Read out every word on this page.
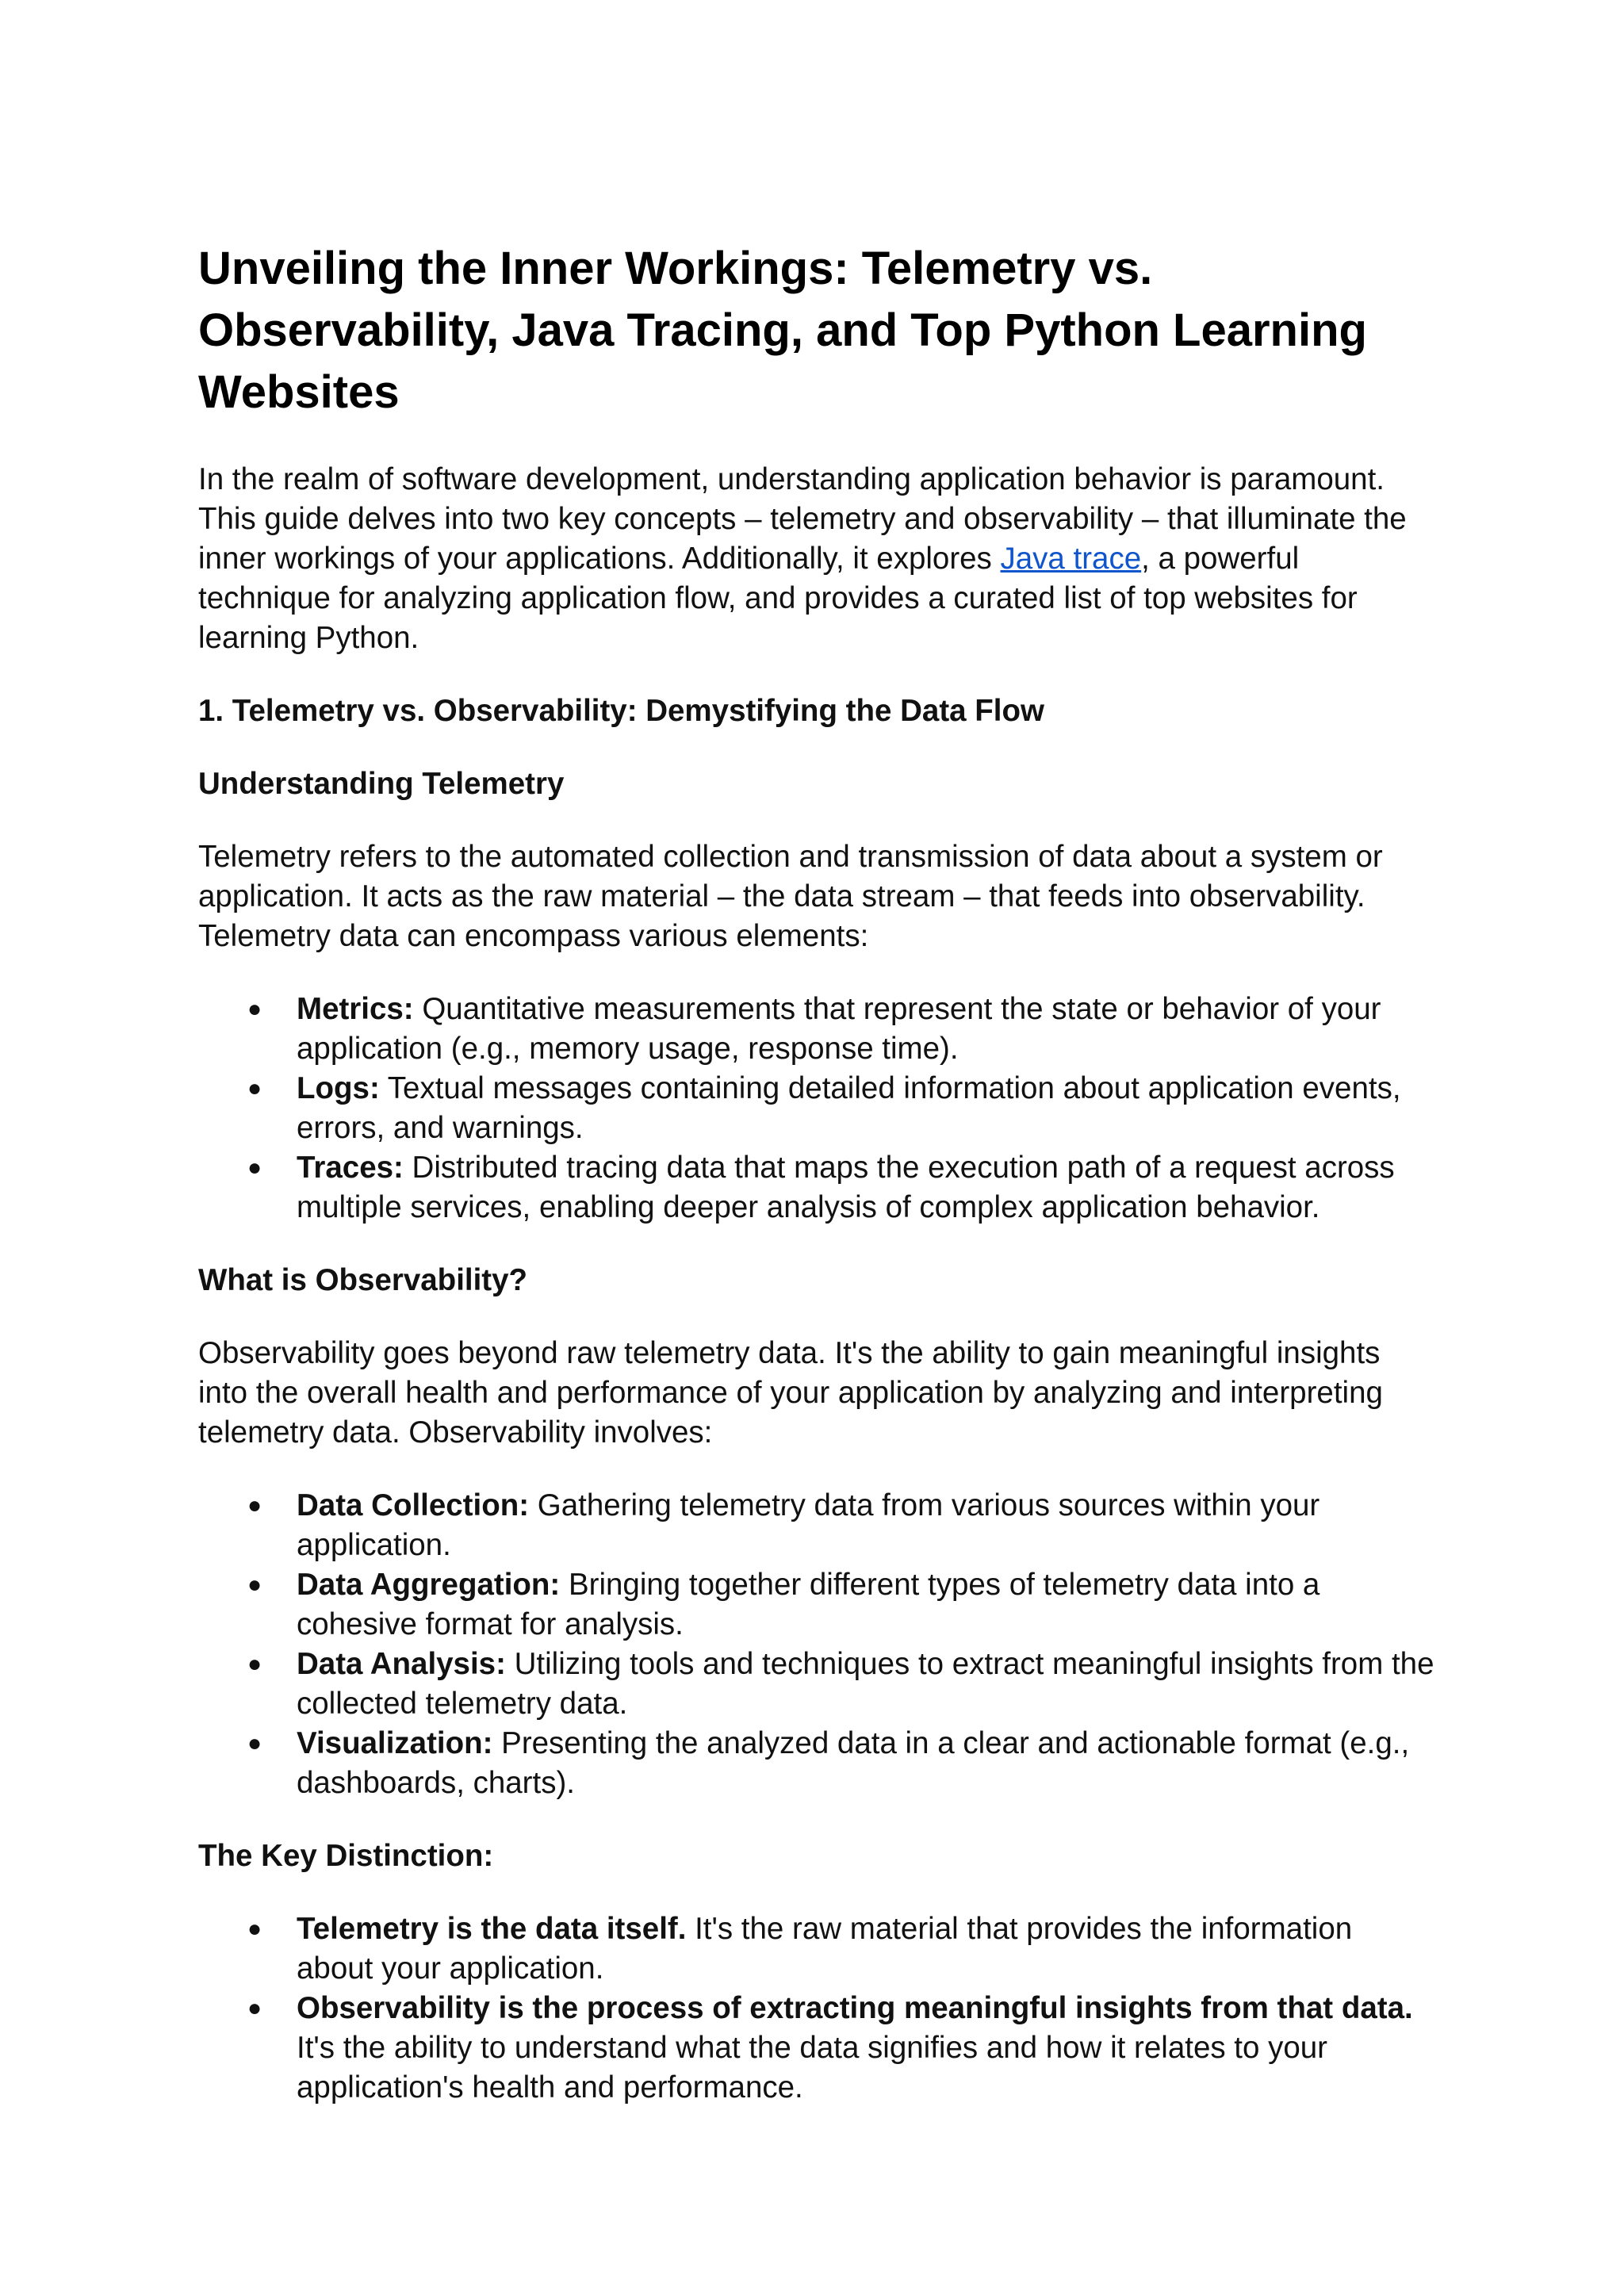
Unveiling the Inner Workings: Telemetry vs. Observability, Java Tracing, and Top Python Learning Websites

In the realm of software development, understanding application behavior is paramount. This guide delves into two key concepts – telemetry and observability – that illuminate the inner workings of your applications. Additionally, it explores Java trace, a powerful technique for analyzing application flow, and provides a curated list of top websites for learning Python.

1. Telemetry vs. Observability: Demystifying the Data Flow
Understanding Telemetry

Telemetry refers to the automated collection and transmission of data about a system or application. It acts as the raw material – the data stream – that feeds into observability. Telemetry data can encompass various elements:

●	Metrics: Quantitative measurements that represent the state or behavior of your application (e.g., memory usage, response time).
●	Logs: Textual messages containing detailed information about application events, errors, and warnings.
●	Traces: Distributed tracing data that maps the execution path of a request across multiple services, enabling deeper analysis of complex application behavior.
What is Observability?

Observability goes beyond raw telemetry data. It's the ability to gain meaningful insights into the overall health and performance of your application by analyzing and interpreting telemetry data. Observability involves:

●	Data Collection: Gathering telemetry data from various sources within your application.
●	Data Aggregation: Bringing together different types of telemetry data into a cohesive format for analysis.
●	Data Analysis: Utilizing tools and techniques to extract meaningful insights from the collected telemetry data.
●	Visualization: Presenting the analyzed data in a clear and actionable format (e.g., dashboards, charts).
The Key Distinction:
●	Telemetry is the data itself. It's the raw material that provides the information about your application.
●	Observability is the process of extracting meaningful insights from that data. It's the ability to understand what the data signifies and how it relates to your application's health and performance.
